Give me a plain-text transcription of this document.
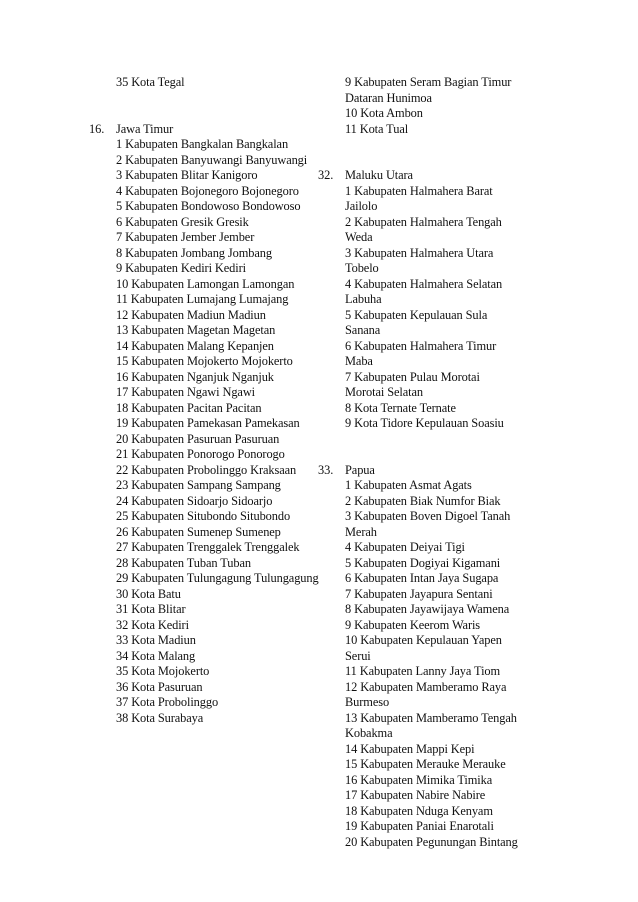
35 Kota Tegal
16. Jawa Timur
1 Kabupaten Bangkalan Bangkalan
2 Kabupaten Banyuwangi Banyuwangi
3 Kabupaten Blitar Kanigoro
4 Kabupaten Bojonegoro Bojonegoro
5 Kabupaten Bondowoso Bondowoso
6 Kabupaten Gresik Gresik
7 Kabupaten Jember Jember
8 Kabupaten Jombang Jombang
9 Kabupaten Kediri Kediri
10 Kabupaten Lamongan Lamongan
11 Kabupaten Lumajang Lumajang
12 Kabupaten Madiun Madiun
13 Kabupaten Magetan Magetan
14 Kabupaten Malang Kepanjen
15 Kabupaten Mojokerto Mojokerto
16 Kabupaten Nganjuk Nganjuk
17 Kabupaten Ngawi Ngawi
18 Kabupaten Pacitan Pacitan
19 Kabupaten Pamekasan Pamekasan
20 Kabupaten Pasuruan Pasuruan
21 Kabupaten Ponorogo Ponorogo
22 Kabupaten Probolinggo Kraksaan
23 Kabupaten Sampang Sampang
24 Kabupaten Sidoarjo Sidoarjo
25 Kabupaten Situbondo Situbondo
26 Kabupaten Sumenep Sumenep
27 Kabupaten Trenggalek Trenggalek
28 Kabupaten Tuban Tuban
29 Kabupaten Tulungagung Tulungagung
30 Kota Batu
31 Kota Blitar
32 Kota Kediri
33 Kota Madiun
34 Kota Malang
35 Kota Mojokerto
36 Kota Pasuruan
37 Kota Probolinggo
38 Kota Surabaya
9 Kabupaten Seram Bagian Timur
Dataran Hunimoa
10 Kota Ambon
11 Kota Tual
32. Maluku Utara
1 Kabupaten Halmahera Barat
Jailolo
2 Kabupaten Halmahera Tengah
Weda
3 Kabupaten Halmahera Utara
Tobelo
4 Kabupaten Halmahera Selatan
Labuha
5 Kabupaten Kepulauan Sula
Sanana
6 Kabupaten Halmahera Timur
Maba
7 Kabupaten Pulau Morotai
Morotai Selatan
8 Kota Ternate Ternate
9 Kota Tidore Kepulauan Soasiu
33. Papua
1 Kabupaten Asmat Agats
2 Kabupaten Biak Numfor Biak
3 Kabupaten Boven Digoel Tanah
Merah
4 Kabupaten Deiyai Tigi
5 Kabupaten Dogiyai Kigamani
6 Kabupaten Intan Jaya Sugapa
7 Kabupaten Jayapura Sentani
8 Kabupaten Jayawijaya Wamena
9 Kabupaten Keerom Waris
10 Kabupaten Kepulauan Yapen
Serui
11 Kabupaten Lanny Jaya Tiom
12 Kabupaten Mamberamo Raya
Burmeso
13 Kabupaten Mamberamo Tengah
Kobakma
14 Kabupaten Mappi Kepi
15 Kabupaten Merauke Merauke
16 Kabupaten Mimika Timika
17 Kabupaten Nabire Nabire
18 Kabupaten Nduga Kenyam
19 Kabupaten Paniai Enarotali
20 Kabupaten Pegunungan Bintang
